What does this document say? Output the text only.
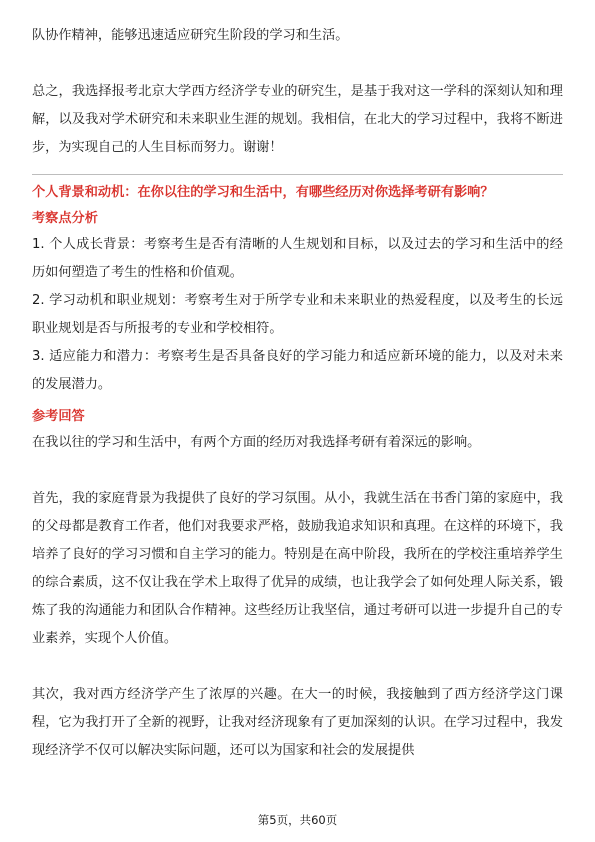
队协作精神，能够迅速适应研究生阶段的学习和生活。

总之，我选择报考北京大学西方经济学专业的研究生，是基于我对这一学科的深刻认知和理解，以及我对学术研究和未来职业生涯的规划。我相信，在北大的学习过程中，我将不断进步，为实现自己的人生目标而努力。谢谢！

个人背景和动机：在你以往的学习和生活中，有哪些经历对你选择考研有影响？

考察点分析

1. 个人成长背景：考察考生是否有清晰的人生规划和目标，以及过去的学习和生活中的经历如何塑造了考生的性格和价值观。

2. 学习动机和职业规划：考察考生对于所学专业和未来职业的热爱程度，以及考生的长远职业规划是否与所报考的专业和学校相符。

3. 适应能力和潜力：考察考生是否具备良好的学习能力和适应新环境的能力，以及对未来的发展潜力。

参考回答

在我以往的学习和生活中，有两个方面的经历对我选择考研有着深远的影响。

首先，我的家庭背景为我提供了良好的学习氛围。从小，我就生活在书香门第的家庭中，我的父母都是教育工作者，他们对我要求严格，鼓励我追求知识和真理。在这样的环境下，我培养了良好的学习习惯和自主学习的能力。特别是在高中阶段，我所在的学校注重培养学生的综合素质，这不仅让我在学术上取得了优异的成绩，也让我学会了如何处理人际关系，锻炼了我的沟通能力和团队合作精神。这些经历让我坚信，通过考研可以进一步提升自己的专业素养，实现个人价值。

其次，我对西方经济学产生了浓厚的兴趣。在大一的时候，我接触到了西方经济学这门课程，它为我打开了全新的视野，让我对经济现象有了更加深刻的认识。在学习过程中，我发现经济学不仅可以解决实际问题，还可以为国家和社会的发展提供

第5页，共60页
